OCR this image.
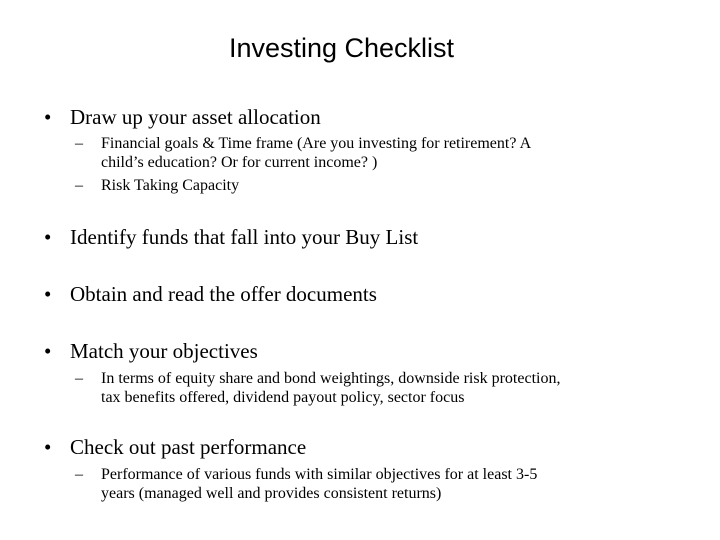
Investing Checklist
• Draw up your asset allocation
– Financial goals & Time frame (Are you investing for retirement? A
child’s education? Or for current income? )
– Risk Taking Capacity
• Identify funds that fall into your Buy List
• Obtain and read the offer documents
• Match your objectives
– In terms of equity share and bond weightings, downside risk protection,
tax benefits offered, dividend payout policy, sector focus
• Check out past performance
– Performance of various funds with similar objectives for at least 3-5
years (managed well and provides consistent returns)
